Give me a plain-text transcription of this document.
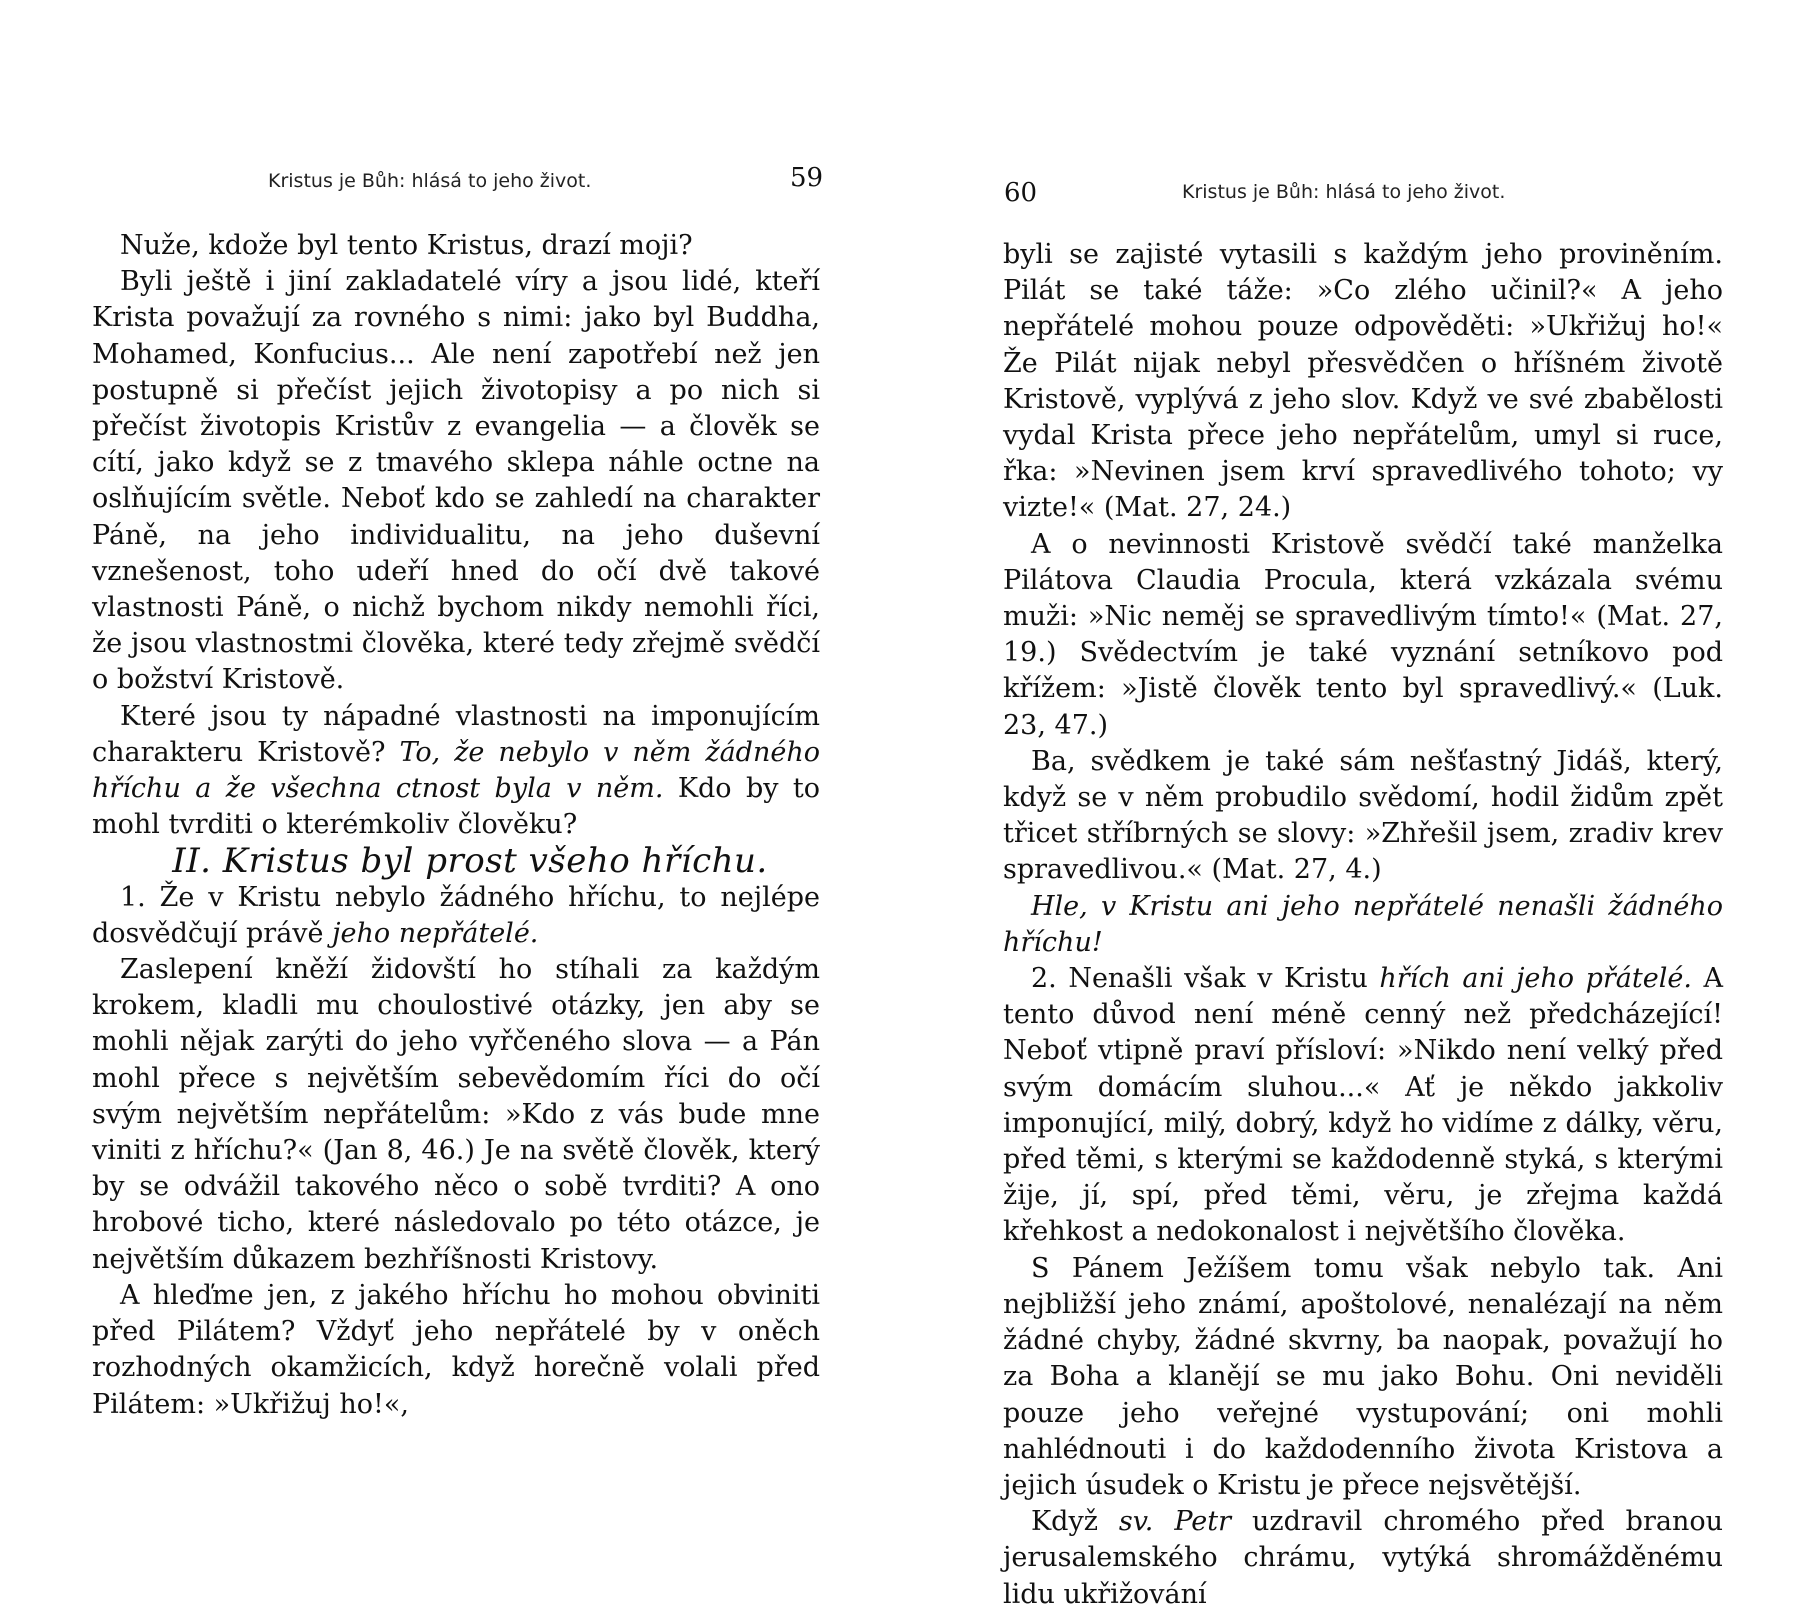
Kristus je Bůh: hlásá to jeho život.	59

Nuže, kdože byl tento Kristus, drazí moji?

Byli ještě i jiní zakladatelé víry a jsou lidé, kteří Krista považují za rovného s nimi: jako byl Buddha, Mohamed, Konfucius... Ale není zapotřebí než jen postupně si přečíst jejich životopisy a po nich si přečíst životopis Kristův z evangelia — a člověk se cítí, jako když se z tmavého sklepa náhle octne na oslňujícím světle. Neboť kdo se zahledí na charakter Páně, na jeho individualitu, na jeho duševní vznešenost, toho udeří hned do očí dvě takové vlastnosti Páně, o nichž bychom nikdy nemohli říci, že jsou vlastnostmi člověka, které tedy zřejmě svědčí o božství Kristově.

Které jsou ty nápadné vlastnosti na imponujícím charakteru Kristově? To, že nebylo v něm žádného hříchu a že všechna ctnost byla v něm. Kdo by to mohl tvrditi o kterémkoliv člověku?

II. Kristus byl prost všeho hříchu.

1. Že v Kristu nebylo žádného hříchu, to nejlépe dosvědčují právě jeho nepřátelé.

Zaslepení kněží židovští ho stíhali za každým krokem, kladli mu choulostivé otázky, jen aby se mohli nějak zarýti do jeho vyřčeného slova — a Pán mohl přece s největším sebevědomím říci do očí svým největším nepřátelům: »Kdo z vás bude mne viniti z hříchu?« (Jan 8, 46.) Je na světě člověk, který by se odvážil takového něco o sobě tvrditi? A ono hrobové ticho, které následovalo po této otázce, je největším důkazem bezhříšnosti Kristovy.

A hleďme jen, z jakého hříchu ho mohou obviniti před Pilátem? Vždyť jeho nepřátelé by v oněch rozhodných okamžicích, když horečně volali před Pilátem: »Ukřižuj ho!«,

60	Kristus je Bůh: hlásá to jeho život.

byli se zajisté vytasili s každým jeho proviněním. Pilát se také táže: »Co zlého učinil?« A jeho nepřátelé mohou pouze odpověděti: »Ukřižuj ho!« Že Pilát nijak nebyl přesvědčen o hříšném životě Kristově, vyplývá z jeho slov. Když ve své zbabělosti vydal Krista přece jeho nepřátelům, umyl si ruce, řka: »Nevinen jsem krví spravedlivého tohoto; vy vizte!« (Mat. 27, 24.)

A o nevinnosti Kristově svědčí také manželka Pilátova Claudia Procula, která vzkázala svému muži: »Nic neměj se spravedlivým tímto!« (Mat. 27, 19.) Svědectvím je také vyznání setníkovo pod křížem: »Jistě člověk tento byl spravedlivý.« (Luk. 23, 47.)

Ba, svědkem je také sám nešťastný Jidáš, který, když se v něm probudilo svědomí, hodil židům zpět třicet stříbrných se slovy: »Zhřešil jsem, zradiv krev spravedlivou.« (Mat. 27, 4.)

Hle, v Kristu ani jeho nepřátelé nenašli žádného hříchu!

2. Nenašli však v Kristu hřích ani jeho přátelé. A tento důvod není méně cenný než předcházející! Neboť vtipně praví přísloví: »Nikdo není velký před svým domácím sluhou...« Ať je někdo jakkoliv imponující, milý, dobrý, když ho vidíme z dálky, věru, před těmi, s kterými se každodenně styká, s kterými žije, jí, spí, před těmi, věru, je zřejma každá křehkost a nedokonalost i největšího člověka.

S Pánem Ježíšem tomu však nebylo tak. Ani nejbližší jeho známí, apoštolové, nenalézají na něm žádné chyby, žádné skvrny, ba naopak, považují ho za Boha a klanějí se mu jako Bohu. Oni neviděli pouze jeho veřejné vystupování; oni mohli nahlédnouti i do každodenního života Kristova a jejich úsudek o Kristu je přece nejsvětější.

Když sv. Petr uzdravil chromého před branou jerusalemského chrámu, vytýká shromážděnému lidu ukřižování
